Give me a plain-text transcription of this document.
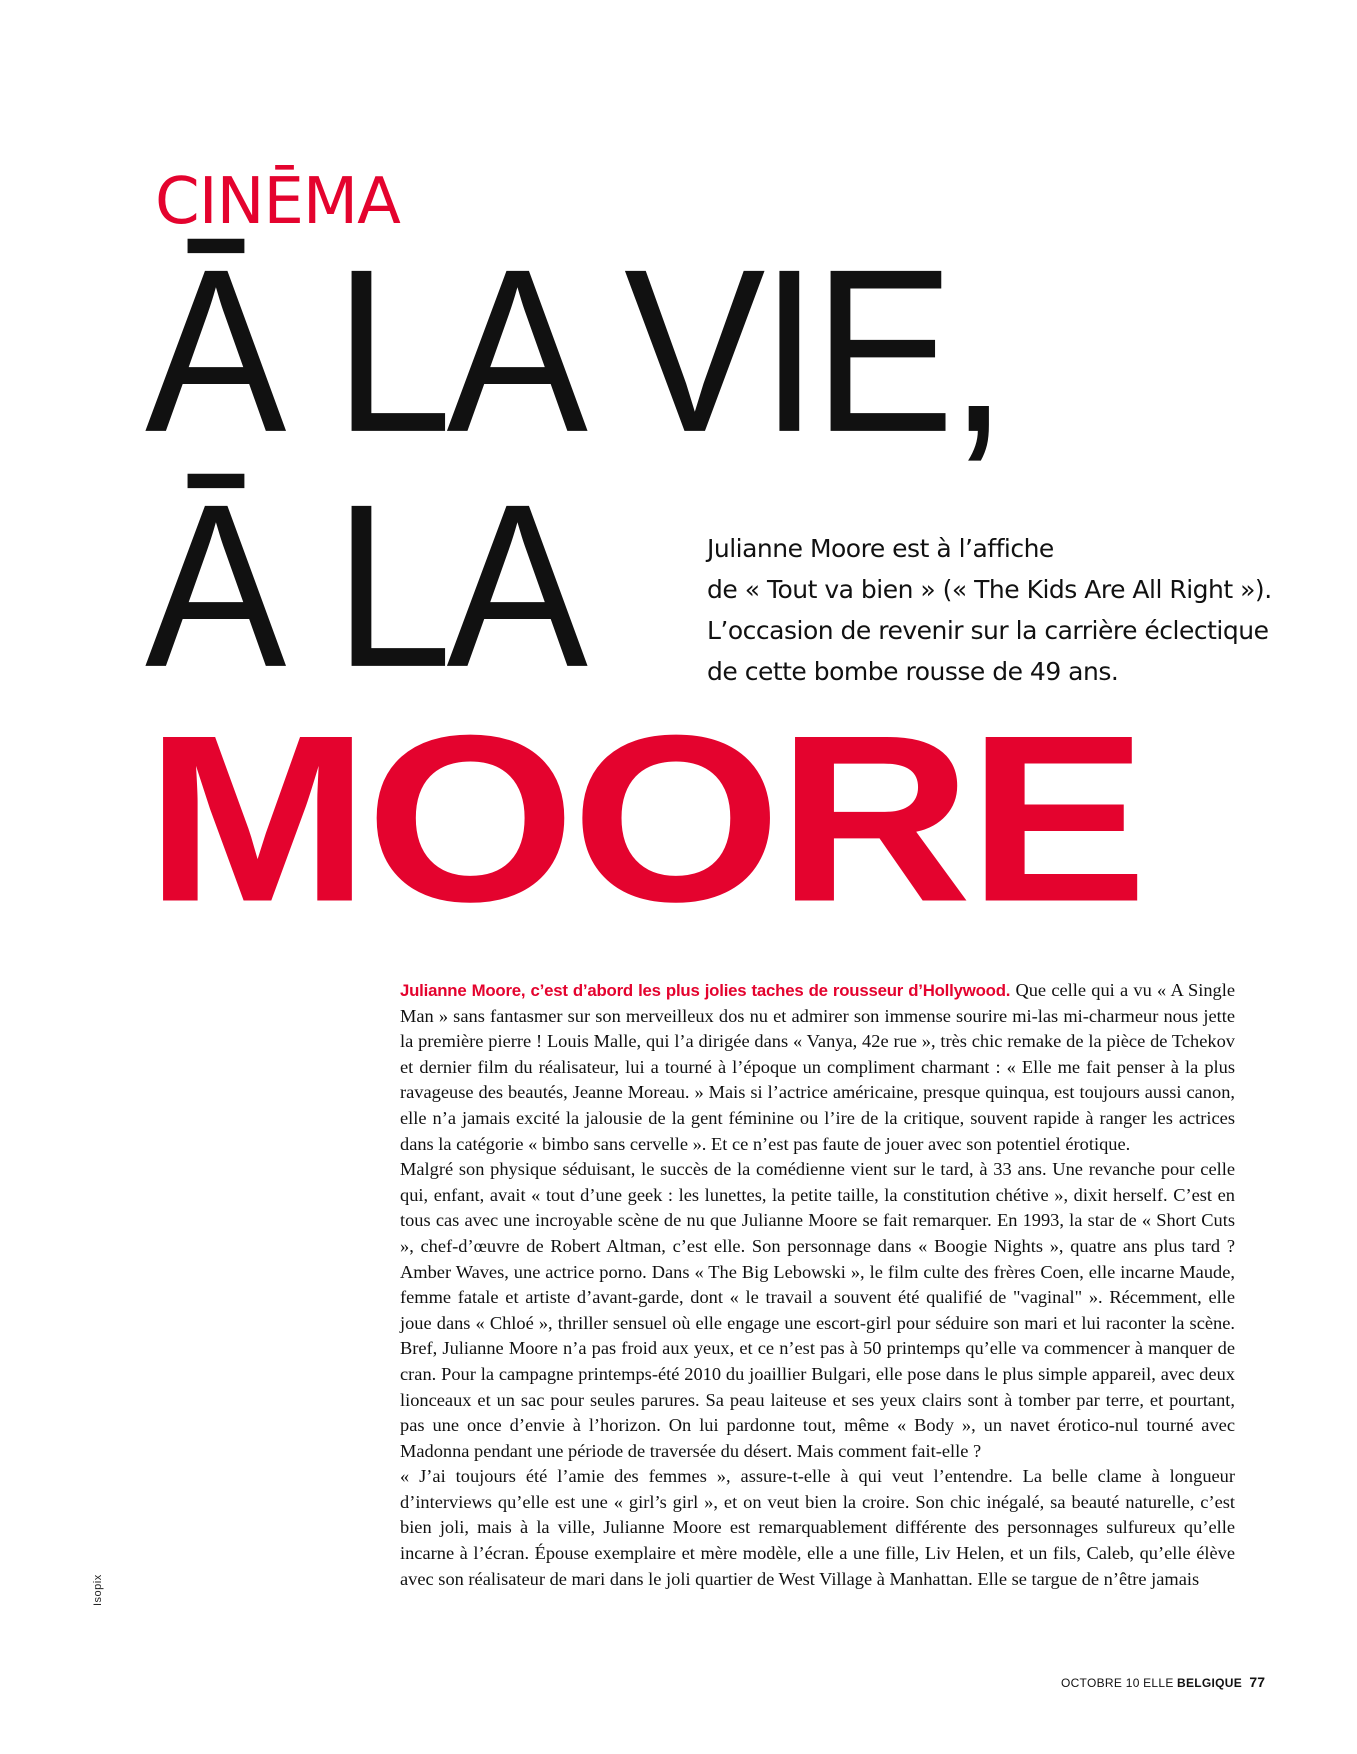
CINĒMA
Ā LA VIE,
Ā LA
MOORE
Julianne Moore est à l’affiche
de « Tout va bien » (« The Kids Are All Right »).
L’occasion de revenir sur la carrière éclectique
de cette bombe rousse de 49 ans.

Julianne Moore, c’est d’abord les plus jolies taches de rousseur d’Hollywood. Que celle qui a vu « A Single Man » sans fantasmer sur son merveilleux dos nu et admirer son immense sourire mi-las mi-charmeur nous jette la première pierre ! Louis Malle, qui l’a dirigée dans « Vanya, 42e rue », très chic remake de la pièce de Tchekov et dernier film du réalisateur, lui a tourné à l’époque un compliment charmant : « Elle me fait penser à la plus ravageuse des beautés, Jeanne Moreau. » Mais si l’actrice américaine, presque quinqua, est toujours aussi canon, elle n’a jamais excité la jalousie de la gent féminine ou l’ire de la critique, souvent rapide à ranger les actrices dans la catégorie « bimbo sans cervelle ». Et ce n’est pas faute de jouer avec son potentiel érotique.

Malgré son physique séduisant, le succès de la comédienne vient sur le tard, à 33 ans. Une revanche pour celle qui, enfant, avait « tout d’une geek : les lunettes, la petite taille, la constitution chétive », dixit herself. C’est en tous cas avec une incroyable scène de nu que Julianne Moore se fait remarquer. En 1993, la star de « Short Cuts », chef-d’œuvre de Robert Altman, c’est elle. Son personnage dans « Boogie Nights », quatre ans plus tard ? Amber Waves, une actrice porno. Dans « The Big Lebowski », le film culte des frères Coen, elle incarne Maude, femme fatale et artiste d’avant-garde, dont « le travail a souvent été qualifié de "vaginal" ». Récemment, elle joue dans « Chloé », thriller sensuel où elle engage une escort-girl pour séduire son mari et lui raconter la scène. Bref, Julianne Moore n’a pas froid aux yeux, et ce n’est pas à 50 printemps qu’elle va commencer à manquer de cran. Pour la campagne printemps-été 2010 du joaillier Bulgari, elle pose dans le plus simple appareil, avec deux lionceaux et un sac pour seules parures. Sa peau laiteuse et ses yeux clairs sont à tomber par terre, et pourtant, pas une once d’envie à l’horizon. On lui pardonne tout, même « Body », un navet érotico-nul tourné avec Madonna pendant une période de traversée du désert. Mais comment fait-elle ?

« J’ai toujours été l’amie des femmes », assure-t-elle à qui veut l’entendre. La belle clame à longueur d’interviews qu’elle est une « girl’s girl », et on veut bien la croire. Son chic inégalé, sa beauté naturelle, c’est bien joli, mais à la ville, Julianne Moore est remarquablement différente des personnages sulfureux qu’elle incarne à l’écran. Épouse exemplaire et mère modèle, elle a une fille, Liv Helen, et un fils, Caleb, qu’elle élève avec son réalisateur de mari dans le joli quartier de West Village à Manhattan. Elle se targue de n’être jamais

Isopix
OCTOBRE 10 ELLE BELGIQUE 77
